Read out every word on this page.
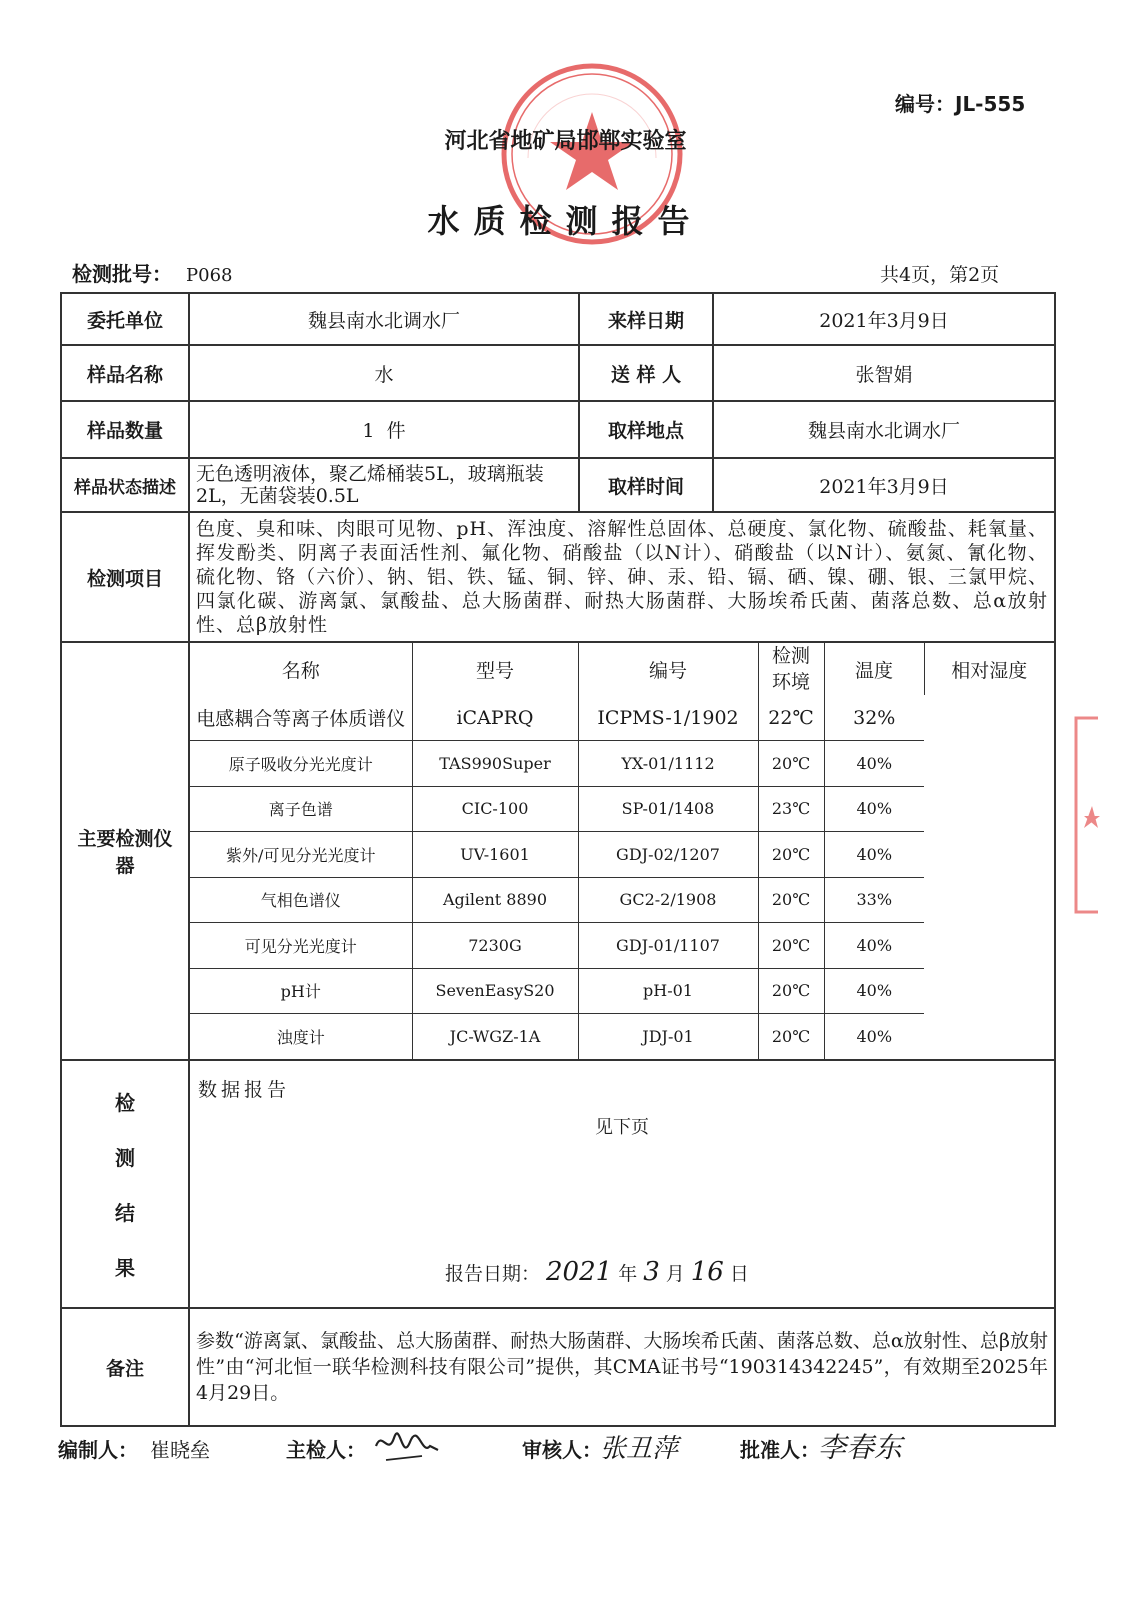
编号：JL-555
河北省地矿局邯郸实验室
水质检测报告
检测批号： P068	共4页，第2页
委托单位	魏县南水北调水厂	来样日期	2021年3月9日
样品名称	水	送 样 人	张智娟
样品数量	1  件	取样地点	魏县南水北调水厂
样品状态描述	无色透明液体，聚乙烯桶装5L，玻璃瓶装2L，无菌袋装0.5L	取样时间	2021年3月9日
检测项目	色度、臭和味、肉眼可见物、pH、浑浊度、溶解性总固体、总硬度、氯化物、硫酸盐、耗氧量、挥发酚类、阴离子表面活性剂、氟化物、硝酸盐（以N计）、硝酸盐（以N计）、氨氮、氰化物、硫化物、铬（六价）、钠、铝、铁、锰、铜、锌、砷、汞、铅、镉、硒、镍、硼、银、三氯甲烷、四氯化碳、游离氯、氯酸盐、总大肠菌群、耐热大肠菌群、大肠埃希氏菌、菌落总数、总α放射性、总β放射性
主要检测仪    器	
名称	型号	编号	检测环境	温度	相对湿度
电感耦合等离子体质谱仪	iCAPRQ	ICPMS-1/1902	22℃	32%
原子吸收分光光度计	TAS990Super	YX-01/1112	20℃	40%
离子色谱	CIC-100	SP-01/1408	23℃	40%
紫外/可见分光光度计	UV-1601	GDJ-02/1207	20℃	40%
气相色谱仪	Agilent 8890	GC2-2/1908	20℃	33%
可见分光光度计	7230G	GDJ-01/1107	20℃	40%
pH计	SevenEasyS20	pH-01	20℃	40%
浊度计	JC-WGZ-1A	JDJ-01	20℃	40%

检
测
结
果

数据报告
见下页
报告日期： 2021 年 3 月 16 日

备注	参数“游离氯、氯酸盐、总大肠菌群、耐热大肠菌群、大肠埃希氏菌、菌落总数、总α放射性、总β放射性”由“河北恒一联华检测科技有限公司”提供，其CMA证书号“190314342245”，有效期至2025年4月29日。
编制人： 崔晓垒	主检人：	审核人：
张丑萍	批准人：
李春东
